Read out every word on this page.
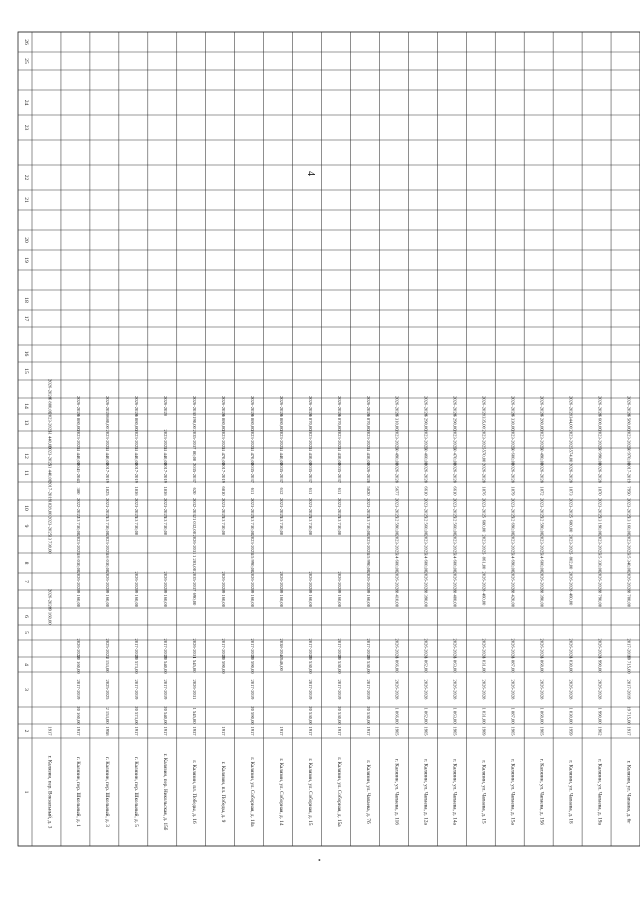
4
1
2
3
4
5
6
7
8
9
10
11
12
13
14
15
16
17
18
19
20
21
22
23
24
25
26
г. Калязин, пер. Вокзальный, д. 3
1917
9 160,00
2026-2028
13 730,00
2023-2025
1828,00
2017-2019
11 440,00
2023-2025
11 440,00
2023-2025
6 880,00
2026-2028
г. Калязин, пер. Школьный, д. 1
1917
20 160,00
2017-2019
20 160,00
2026-2028
9 160,00
2026-2028
16 030,00
2023-2025
13 730,00
2022-2022
380
2041-2043
11 440,00
2023-2025
6 880,00
2026-2028
г. Калязин, пер. Школьный, д. 3
1958
2 153,00
2025-2025
2 153,00
2025-2025
9 160,00
2026-2028
16 030,00
2023-2025
13 730,00
2023-2025
1825
2017-2019
11 440,00
2023-2025
680,00
2026-2028
г. Калязин, пер. Школьный, д. 5
1917
20 573,00
2017-2019
20 573,00
2017-2019
9 160,00
2026-2028
13 730,00
2023-2025
1836
2017-2019
11 440,00
2023-2025
6 880,00
2026-2028
г. Калязин, пер. Никольская, д. 15б
1917
20 540,00
2017-2019
20 540,00
2017-2019
9 160,00
2026-2028
13 730,00
2023-2025
1836
2017-2019
11 440,00
2023-2025
2026-2028
г. Калязин, пл. Победы, д. 16
1937
1 545,00
2026-2031
1 545,00
2026-2031
690,00
2035-2037
1 283,00
2026-2031
1 032,00
2032-2032
620
2035-2037
80,00
2035-2037
190,00
2026-2030
г. Калязин, пл. Победы, д. 9
1917
20 590,00
2017-2019
9 160,00
2026-2028
13 730,00
2023-2025
6810
2017-2019
11 470,00
2023-2025
6 880,00
2026-2028
г. Калязин, ул. Соборная, д. 10а
1917
20 590,00
2017-2019
20 590,00
2017-2019
9 160,00
2026-2028
15 990,00
2023-2025
13 730,00
2023-2025
611
2035-2037
11 470,00
2023-2025
6 880,00
2026-2028
г. Калязин, ул. Соборная, д. 14
1917
546,00
2038-2040
9 160,00
2026-2028
13 730,00
2023-2025
612
2035-2037
11 440,00
2023-2025
6 880,00
2026-2028
г. Калязин, ул. Соборная, д. 15
1917
20 530,00
2017-2019
20 530,00
2017-2019
9 160,00
2026-2028
13 730,00
2023-2025
611
2035-2037
11 430,00
2023-2025
6 870,00
2026-2028
г. Калязин, ул. Соборная, д. 15а
1917
20 530,00
2017-2019
20 530,00
2017-2019
9 160,00
2026-2028
13 730,00
2023-2025
611
2035-2037
11 430,00
2023-2025
6 870,00
2026-2028
г. Калязин, ул. Чапаева, д. 7б
1917
20 530,00
2017-2019
20 530,00
2017-2019
9 160,00
2026-2028
15 990,00
2023-2025
13 730,00
2023-2025
5820
2026-2028
11 430,00
2023-2025
6 870,00
2026-2028
г. Калязин, ул. Чапаева, д. 11б
1965
1 866,00
2026-2028
1 866,00
2026-2028
8 410,00
2026-2028
14 600,00
2023-2025
12 590,00
2023-2025
5677
2026-2028
10 490,00
2023-2025
6 310,00
2026-2028
г. Калязин, ул. Чапаева, д. 12а
1965
1 862,00
2026-2028
1 862,00
2026-2028
8 390,00
2026-2028
14 600,00
2023-2025
12 560,00
2023-2025
6610
2026-2028
10 460,00
2023-2025
6 290,00
2026-2028
г. Калязин, ул. Чапаева, д. 14а
1965
1 863,00
2026-2028
1 863,00
2026-2028
8 400,00
2026-2028
14 600,00
2023-2025
12 560,00
2023-2025
6610
2026-2028
10 470,00
2023-2025
6 290,00
2026-2028
г. Калязин, ул. Чапаева, д. 15
1969
1 031,00
2026-2028
1 031,00
2026-2028
460,00
2026-2028
861,00
2023-2025
680,00
2023-2025
1876
2026-2028
570,00
2023-2025
335,00
2026-2028
г. Калязин, ул. Чапаева, д. 15а
1965
1 887,00
2026-2028
1 887,00
2026-2028
8 420,00
2026-2028
14 690,00
2023-2025
12 690,00
2023-2025
1879
2026-2028
10 600,00
2023-2025
6 330,00
2026-2028
г. Калязин, ул. Чапаева, д. 15б
1965
1 868,00
2026-2028
1 868,00
2026-2028
8 390,00
2026-2028
14 600,00
2023-2025
12 590,00
2023-2025
1872
2026-2028
10 490,00
2023-2025
6 280,00
2026-2028
г. Калязин, ул. Чапаева, д. 18
1959
1 030,00
2026-2028
1 030,00
2026-2028
460,00
2026-2028
802,00
2023-2025
680,00
2023-2025
1873
2026-2028
574,00
2023-2025
344,00
2026-2028
г. Калязин, ул. Чапаева, д. 19а
1962
1 990,00
2026-2028
1 990,00
2026-2028
8 790,00
2026-2028
15 330,00
2023-2025
13 190,00
2023-2025
1870
2026-2028
10 990,00
2023-2025
6 600,00
2026-2028
г. Калязин, ул. Чапаева, д. 6г
1917
19 715,00
2017-2019
19 715,00
2017-2019
8 780,00
2026-2028
15 340,00
2023-2025
13 160,00
2023-2025
7950
2017-2019
10 970,00
2023-2025
6 580,00
2026-2028
•
